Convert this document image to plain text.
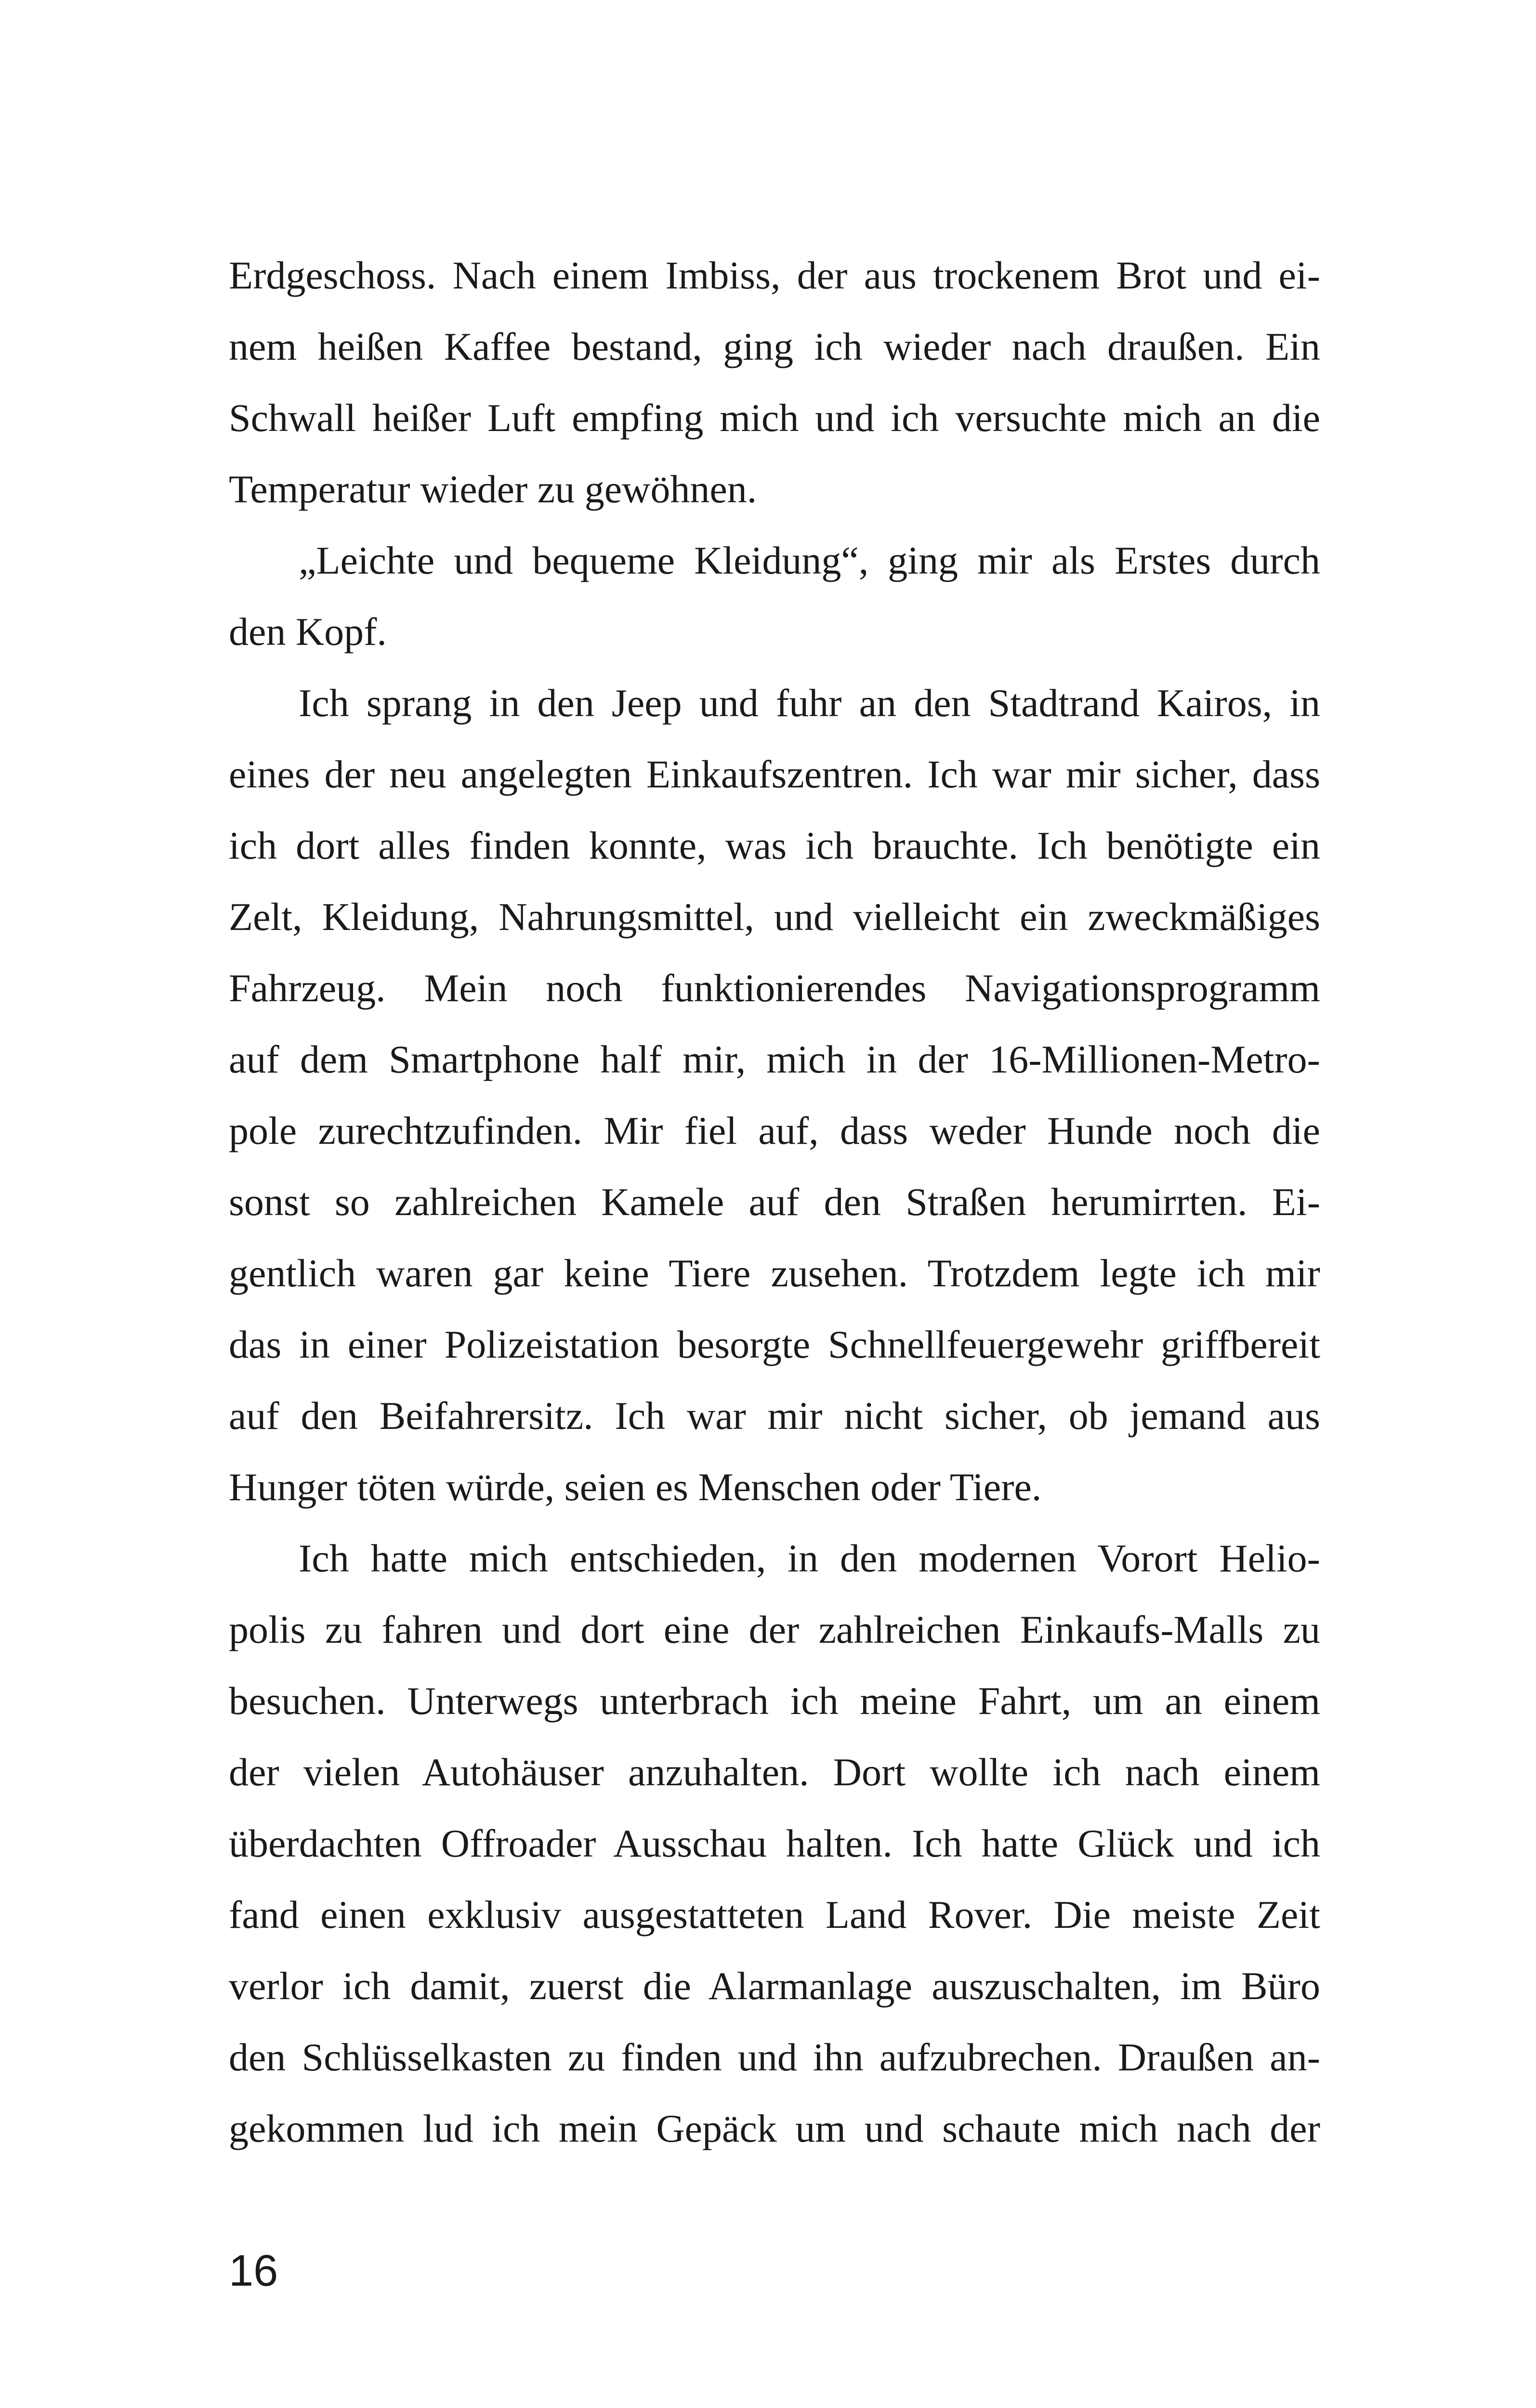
Erdgeschoss. Nach einem Imbiss, der aus trockenem Brot und ei-
nem heißen Kaffee bestand, ging ich wieder nach draußen. Ein
Schwall heißer Luft empfing mich und ich versuchte mich an die
Temperatur wieder zu gewöhnen.
„Leichte und bequeme Kleidung“, ging mir als Erstes durch
den Kopf.
Ich sprang in den Jeep und fuhr an den Stadtrand Kairos, in
eines der neu angelegten Einkaufszentren. Ich war mir sicher, dass
ich dort alles finden konnte, was ich brauchte. Ich benötigte ein
Zelt, Kleidung, Nahrungsmittel, und vielleicht ein zweckmäßiges
Fahrzeug. Mein noch funktionierendes Navigationsprogramm
auf dem Smartphone half mir, mich in der 16-Millionen-Metro-
pole zurechtzufinden. Mir fiel auf, dass weder Hunde noch die
sonst so zahlreichen Kamele auf den Straßen herumirrten. Ei-
gentlich waren gar keine Tiere zusehen. Trotzdem legte ich mir
das in einer Polizeistation besorgte Schnellfeuergewehr griffbereit
auf den Beifahrersitz. Ich war mir nicht sicher, ob jemand aus
Hunger töten würde, seien es Menschen oder Tiere.
Ich hatte mich entschieden, in den modernen Vorort Helio-
polis zu fahren und dort eine der zahlreichen Einkaufs-Malls zu
besuchen. Unterwegs unterbrach ich meine Fahrt, um an einem
der vielen Autohäuser anzuhalten. Dort wollte ich nach einem
überdachten Offroader Ausschau halten. Ich hatte Glück und ich
fand einen exklusiv ausgestatteten Land Rover. Die meiste Zeit
verlor ich damit, zuerst die Alarmanlage auszuschalten, im Büro
den Schlüsselkasten zu finden und ihn aufzubrechen. Draußen an-
gekommen lud ich mein Gepäck um und schaute mich nach der
16
